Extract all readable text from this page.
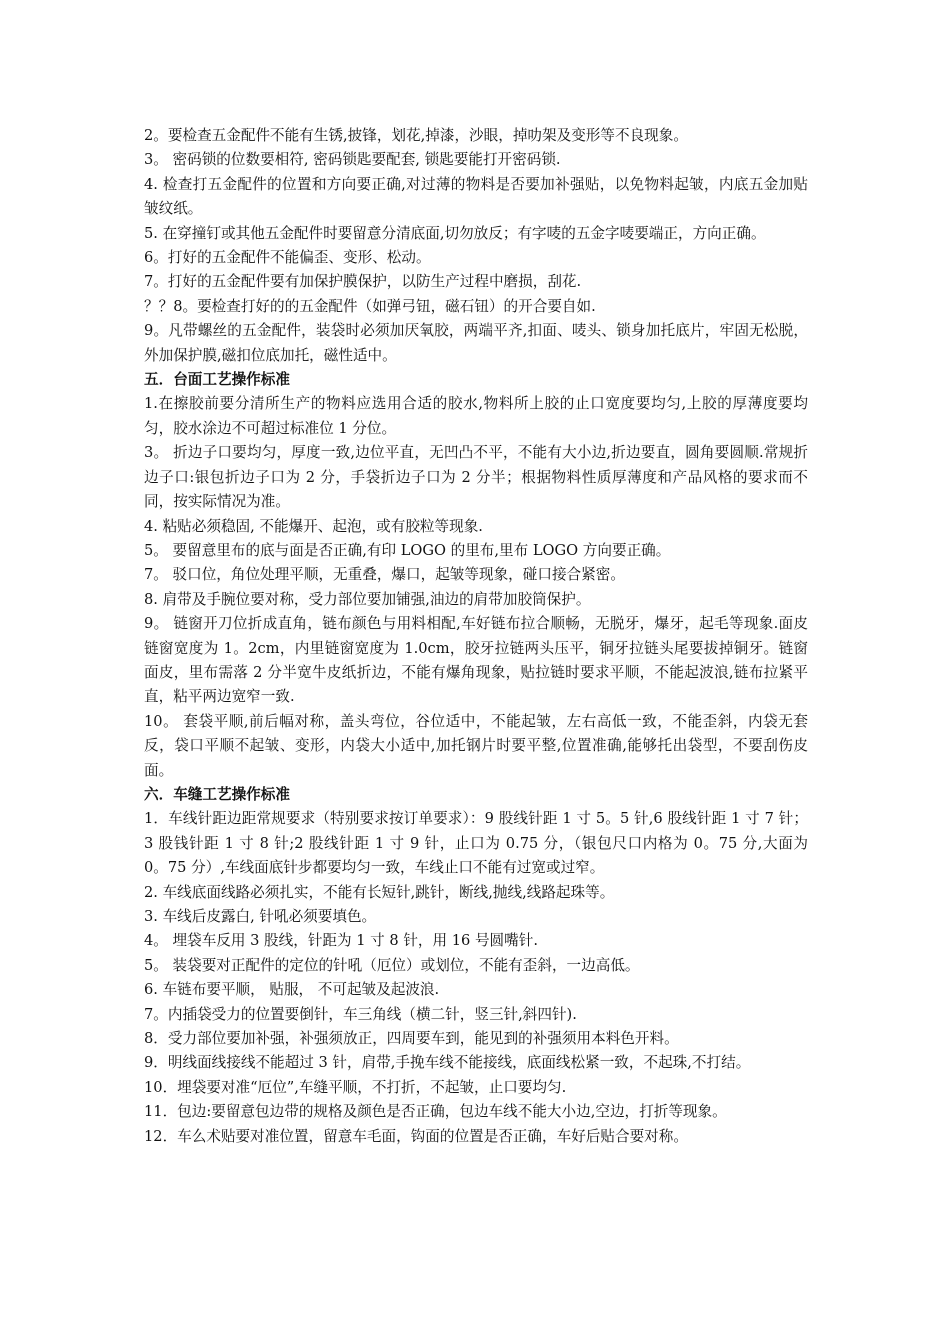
2。要检查五金配件不能有生锈,披锋，划花,掉漆，沙眼，掉叻架及变形等不良现象。

3。 密码锁的位数要相符, 密码锁匙要配套, 锁匙要能打开密码锁.

4. 检查打五金配件的位置和方向要正确,对过薄的物料是否要加补强贴，以免物料起皱，内底五金加贴皱纹纸。

5. 在穿撞钉或其他五金配件时要留意分清底面,切勿放反；有字唛的五金字唛要端正，方向正确。

6。打好的五金配件不能偏歪、变形、松动。

7。打好的五金配件要有加保护膜保护，以防生产过程中磨损，刮花.

？？8。要检查打好的的五金配件（如弹弓钮，磁石钮）的开合要自如.

9。凡带螺丝的五金配件，装袋时必须加厌氧胶，两端平齐,扣面、唛头、锁身加托底片，牢固无松脱，外加保护膜,磁扣位底加托，磁性适中。

五．台面工艺操作标准

1.在擦胶前要分清所生产的物料应选用合适的胶水,物料所上胶的止口宽度要均匀,上胶的厚薄度要均匀，胶水涂边不可超过标准位 1 分位。

3。 折边子口要均匀，厚度一致,边位平直，无凹凸不平，不能有大小边,折边要直，圆角要圆顺.常规折边子口:银包折边子口为 2 分，手袋折边子口为 2 分半；根据物料性质厚薄度和产品风格的要求而不同，按实际情况为准。

4. 粘贴必须稳固, 不能爆开、起泡，或有胶粒等现象.

5。 要留意里布的底与面是否正确,有印 LOGO 的里布,里布 LOGO 方向要正确。

7。 驳口位，角位处理平顺，无重叠，爆口，起皱等现象，碰口接合紧密。

8. 肩带及手腕位要对称，受力部位要加铺强,油边的肩带加胶筒保护。

9。 链窗开刀位折成直角，链布颜色与用料相配,车好链布拉合顺畅，无脱牙，爆牙，起毛等现象.面皮链窗宽度为 1。2cm，内里链窗宽度为 1.0cm，胶牙拉链两头压平，铜牙拉链头尾要拔掉铜牙。链窗面皮，里布需落 2 分半宽牛皮纸折边，不能有爆角现象，贴拉链时要求平顺，不能起波浪,链布拉紧平直，粘平两边宽窄一致.

10。 套袋平顺,前后幅对称，盖头弯位，谷位适中，不能起皱，左右高低一致，不能歪斜，内袋无套反，袋口平顺不起皱、变形，内袋大小适中,加托钢片时要平整,位置准确,能够托出袋型，不要刮伤皮面。

六．车缝工艺操作标准

1．车线针距边距常规要求（特别要求按订单要求）：9 股线针距 1 寸 5。5 针,6 股线针距 1 寸 7 针；3 股钱针距 1 寸 8 针;2 股线针距 1 寸 9 针，止口为 0.75 分，（银包尺口内格为 0。75 分,大面为 0。75 分）,车线面底针步都要均匀一致，车线止口不能有过宽或过窄。

2. 车线底面线路必须扎实，不能有长短针,跳针，断线,抛线,线路起珠等。

3. 车线后皮露白, 针吼必须要填色。

4。 埋袋车反用 3 股线，针距为 1 寸 8 针，用 16 号圆嘴针.

5。 装袋要对正配件的定位的针吼（厄位）或划位，不能有歪斜，一边高低。

6. 车链布要平顺， 贴服， 不可起皱及起波浪.

7。内插袋受力的位置要倒针，车三角线（横二针，竖三针,斜四针).

8．受力部位要加补强，补强须放正，四周要车到，能见到的补强须用本料色开料。

9．明线面线接线不能超过 3 针，肩带,手挽车线不能接线，底面线松紧一致，不起珠,不打结。

10．埋袋要对准“厄位”,车缝平顺，不打折，不起皱，止口要均匀.

11．包边:要留意包边带的规格及颜色是否正确，包边车线不能大小边,空边，打折等现象。

12．车么术贴要对准位置，留意车毛面，钩面的位置是否正确，车好后贴合要对称。
